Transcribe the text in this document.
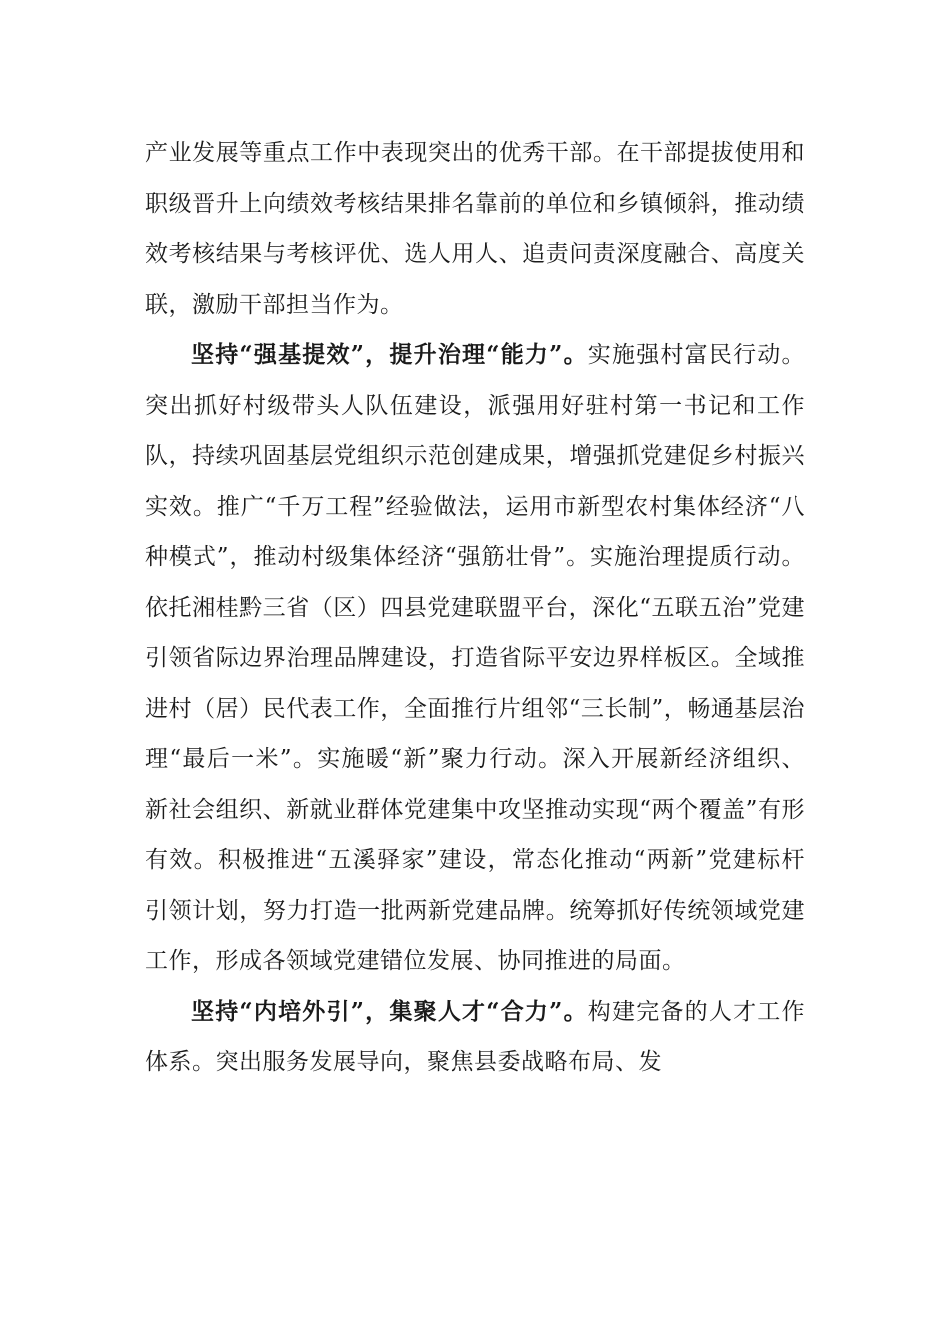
产业发展等重点工作中表现突出的优秀干部。在干部提拔使用和职级晋升上向绩效考核结果排名靠前的单位和乡镇倾斜，推动绩效考核结果与考核评优、选人用人、追责问责深度融合、高度关联，激励干部担当作为。

坚持“强基提效”，提升治理“能力”。实施强村富民行动。突出抓好村级带头人队伍建设，派强用好驻村第一书记和工作队，持续巩固基层党组织示范创建成果，增强抓党建促乡村振兴实效。推广“千万工程”经验做法，运用市新型农村集体经济“八种模式”，推动村级集体经济“强筋壮骨”。实施治理提质行动。依托湘桂黔三省（区）四县党建联盟平台，深化“五联五治”党建引领省际边界治理品牌建设，打造省际平安边界样板区。全域推进村（居）民代表工作，全面推行片组邻“三长制”，畅通基层治理“最后一米”。实施暖“新”聚力行动。深入开展新经济组织、新社会组织、新就业群体党建集中攻坚推动实现“两个覆盖”有形有效。积极推进“五溪驿家”建设，常态化推动“两新”党建标杆引领计划，努力打造一批两新党建品牌。统筹抓好传统领域党建工作，形成各领域党建错位发展、协同推进的局面。

坚持“内培外引”，集聚人才“合力”。构建完备的人才工作体系。突出服务发展导向，聚焦县委战略布局、发
